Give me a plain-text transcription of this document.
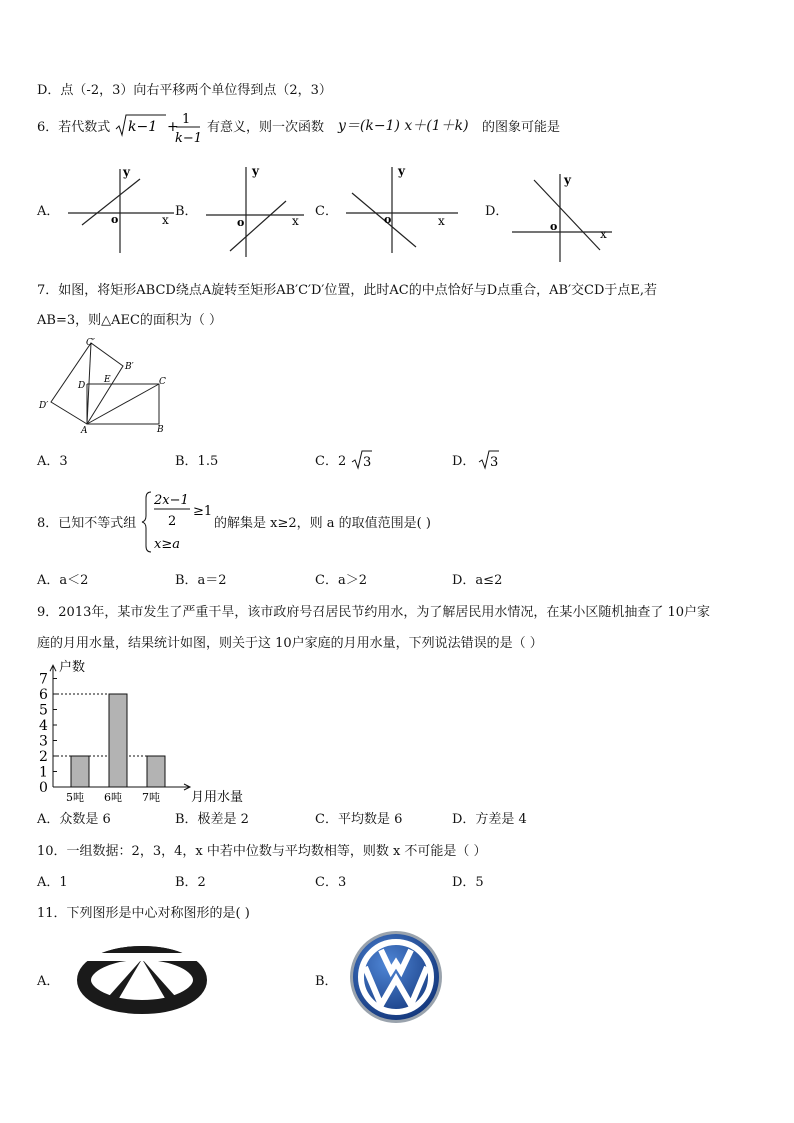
D．点（-2，3）向右平移两个单位得到点（2，3）
6．若代数式 k−1 + 1
k−1
有意义，则一次函数 y＝(k−1) x＋(1＋k) 的图象可能是
A．
y
o	x
B．
y
o	x
C．
y
o	x
D．
y
o
x
7．如图，将矩形ABCD绕点A旋转至矩形AB′C′D′位置，此时AC的中点恰好与D点重合，AB′交CD于点E,若
AB=3，则△AEC的面积为（ ）
C′
B′
D
E	C
D′
A	B
A．3	B．1.5	C．2 3	D． 3
8．已知不等式组
2x−1
2
≥1
x≥a
的解集是 x≥2，则 a 的取值范围是( )
A．a＜2	B．a＝2	C．a＞2	D．a≤2
9．2013年，某市发生了严重干旱，该市政府号召居民节约用水，为了解居民用水情况，在某小区随机抽查了 10户家
庭的月用水量，结果统计如图，则关于这 10户家庭的月用水量，下列说法错误的是（ ）
0
1
2
3
4
5
6
7
5吨 6吨 7吨
户数
月用水量
A．众数是 6	B．极差是 2	C．平均数是 6	D．方差是 4
10．一组数据：2，3，4，x 中若中位数与平均数相等，则数 x 不可能是（ ）
A．1	B．2	C．3	D．5
11．下列图形是中心对称图形的是( )
A．	B．
